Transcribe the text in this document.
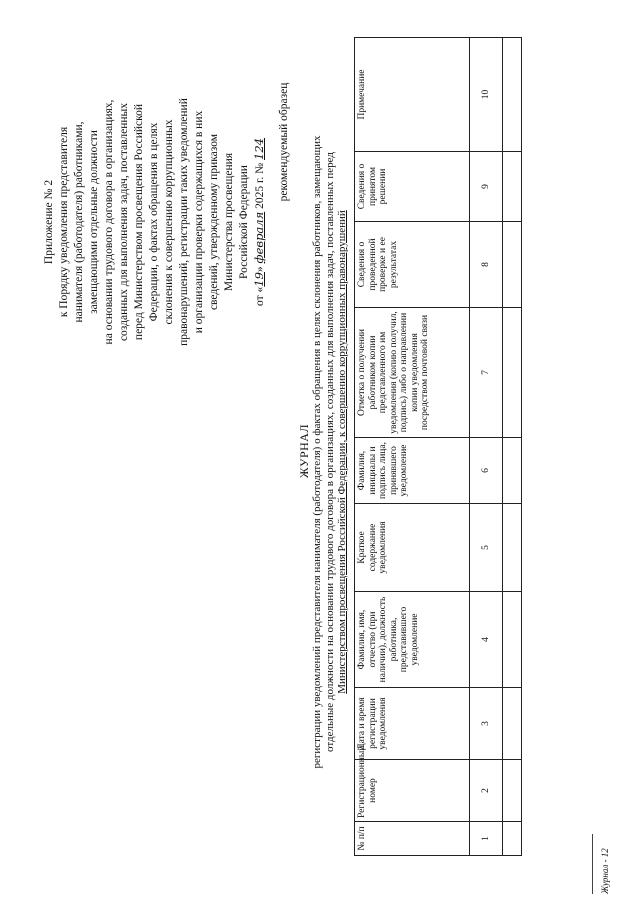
Приложение № 2 к Порядку уведомления представителя нанимателя (работодателя) работниками, замещающими отдельные должности на основании трудового договора в организациях, созданных для выполнения задач, поставленных перед Министерством просвещения Российской Федерации, о фактах обращения в целях склонения к совершению коррупционных правонарушений, регистрации таких уведомлений и организации проверки содержащихся в них сведений, утвержденному приказом Министерства просвещения Российской Федерации
от «19» февраля 2025 г. № 124 рекомендуемый образец
ЖУРНАЛ регистрации уведомлений представителя нанимателя (работодателя) о фактах обращения в целях склонения работников, замещающих отдельные должности на основании трудового договора в организациях, созданных для выполнения задач, поставленных перед Министерством просвещения Российской Федерации, к совершению коррупционных правонарушений
№ п/п	Регистрационный номер	Дата и время регистрации уведомления	Фамилия, имя, отчество (при наличии), должность работника, представившего уведомление	Краткое содержание уведомления	Фамилия, инициалы и подпись лица, принявшего уведомление	Отметка о получении работником копии представленного им уведомления (копию получил, подпись) либо о направлении копии уведомления посредством почтовой связи	Сведения о проведенной проверке и ее результатах	Сведения о принятом решении	Примечание
1	2	3	4	5	6	7	8	9	10

Журнал - 12
